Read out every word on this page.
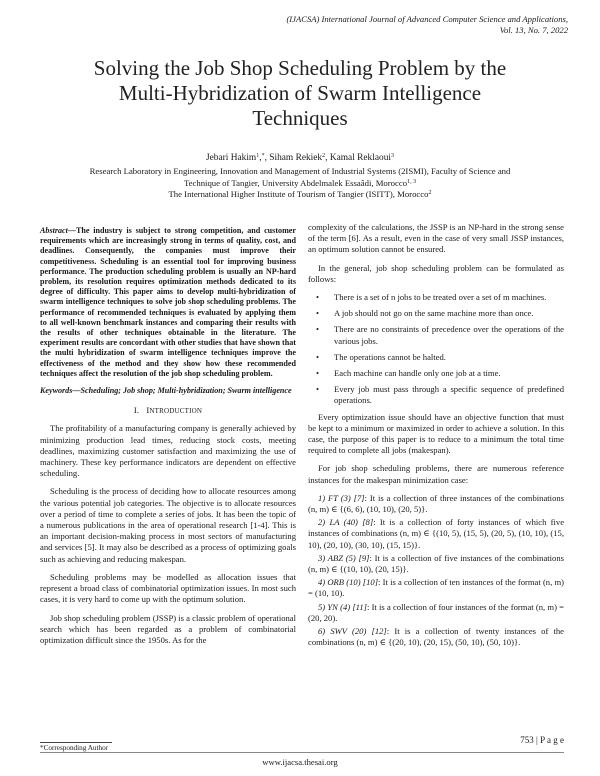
(IJACSA) International Journal of Advanced Computer Science and Applications,
Vol. 13, No. 7, 2022
Solving the Job Shop Scheduling Problem by the
Multi-Hybridization of Swarm Intelligence
Techniques
Jebari Hakim$^1$,*, Siham Rekiek$^2$, Kamal Reklaoui$^3$
Research Laboratory in Engineering, Innovation and Management of Industrial Systems (2ISMI), Faculty of Science and
Technique of Tangier, University Abdelmalek Essaâdi, Morocco$^{1, 3}$
The International Higher Institute of Tourism of Tangier (ISITT), Morocco$^2$

Abstract—The industry is subject to strong competition, and customer requirements which are increasingly strong in terms of quality, cost, and deadlines. Consequently, the companies must improve their competitiveness. Scheduling is an essential tool for improving business performance. The production scheduling problem is usually an NP-hard problem, its resolution requires optimization methods dedicated to its degree of difficulty. This paper aims to develop multi-hybridization of swarm intelligence techniques to solve job shop scheduling problems. The performance of recommended techniques is evaluated by applying them to all well-known benchmark instances and comparing their results with the results of other techniques obtainable in the literature. The experiment results are concordant with other studies that have shown that the multi hybridization of swarm intelligence techniques improve the effectiveness of the method and they show how these recommended techniques affect the resolution of the job shop scheduling problem.

Keywords—Scheduling; Job shop; Multi-hybridization; Swarm intelligence

I. INTRODUCTION

The profitability of a manufacturing company is generally achieved by minimizing production lead times, reducing stock costs, meeting deadlines, maximizing customer satisfaction and maximizing the use of machinery. These key performance indicators are dependent on effective scheduling.

Scheduling is the process of deciding how to allocate resources among the various potential job categories. The objective is to allocate resources over a period of time to complete a series of jobs. It has been the topic of a numerous publications in the area of operational research [1-4]. This is an important decision-making process in most sectors of manufacturing and services [5]. It may also be described as a process of optimizing goals such as achieving and reducing makespan.

Scheduling problems may be modelled as allocation issues that represent a broad class of combinatorial optimization issues. In most such cases, it is very hard to come up with the optimum solution.

Job shop scheduling problem (JSSP) is a classic problem of operational search which has been regarded as a problem of combinatorial optimization difficult since the 1950s. As for the

complexity of the calculations, the JSSP is an NP-hard in the strong sense of the term [6]. As a result, even in the case of very small JSSP instances, an optimum solution cannot be ensured.

In the general, job shop scheduling problem can be formulated as follows:

• There is a set of n jobs to be treated over a set of m machines.
• A job should not go on the same machine more than once.
• There are no constraints of precedence over the operations of the various jobs.
• The operations cannot be halted.
• Each machine can handle only one job at a time.
• Every job must pass through a specific sequence of predefined operations.

Every optimization issue should have an objective function that must be kept to a minimum or maximized in order to achieve a solution. In this case, the purpose of this paper is to reduce to a minimum the total time required to complete all jobs (makespan).

For job shop scheduling problems, there are numerous reference instances for the makespan minimization case:

1) FT (3) [7]: It is a collection of three instances of the combinations (n, m) ∈ {(6, 6), (10, 10), (20, 5)}.

2) LA (40) [8]: It is a collection of forty instances of which five instances of combinations (n, m) ∈ {(10, 5), (15, 5), (20, 5), (10, 10), (15, 10), (20, 10), (30, 10), (15, 15)}.

3) ABZ (5) [9]: It is a collection of five instances of the combinations (n, m) ∈ {(10, 10), (20, 15)}.

4) ORB (10) [10]: It is a collection of ten instances of the format (n, m) = (10, 10).

5) YN (4) [11]: It is a collection of four instances of the format (n, m) = (20, 20).

6) SWV (20) [12]: It is a collection of twenty instances of the combinations (n, m) ∈ {(20, 10), (20, 15), (50, 10), (50, 10)}.

*Corresponding Author
753 | P a g e
www.ijacsa.thesai.org
